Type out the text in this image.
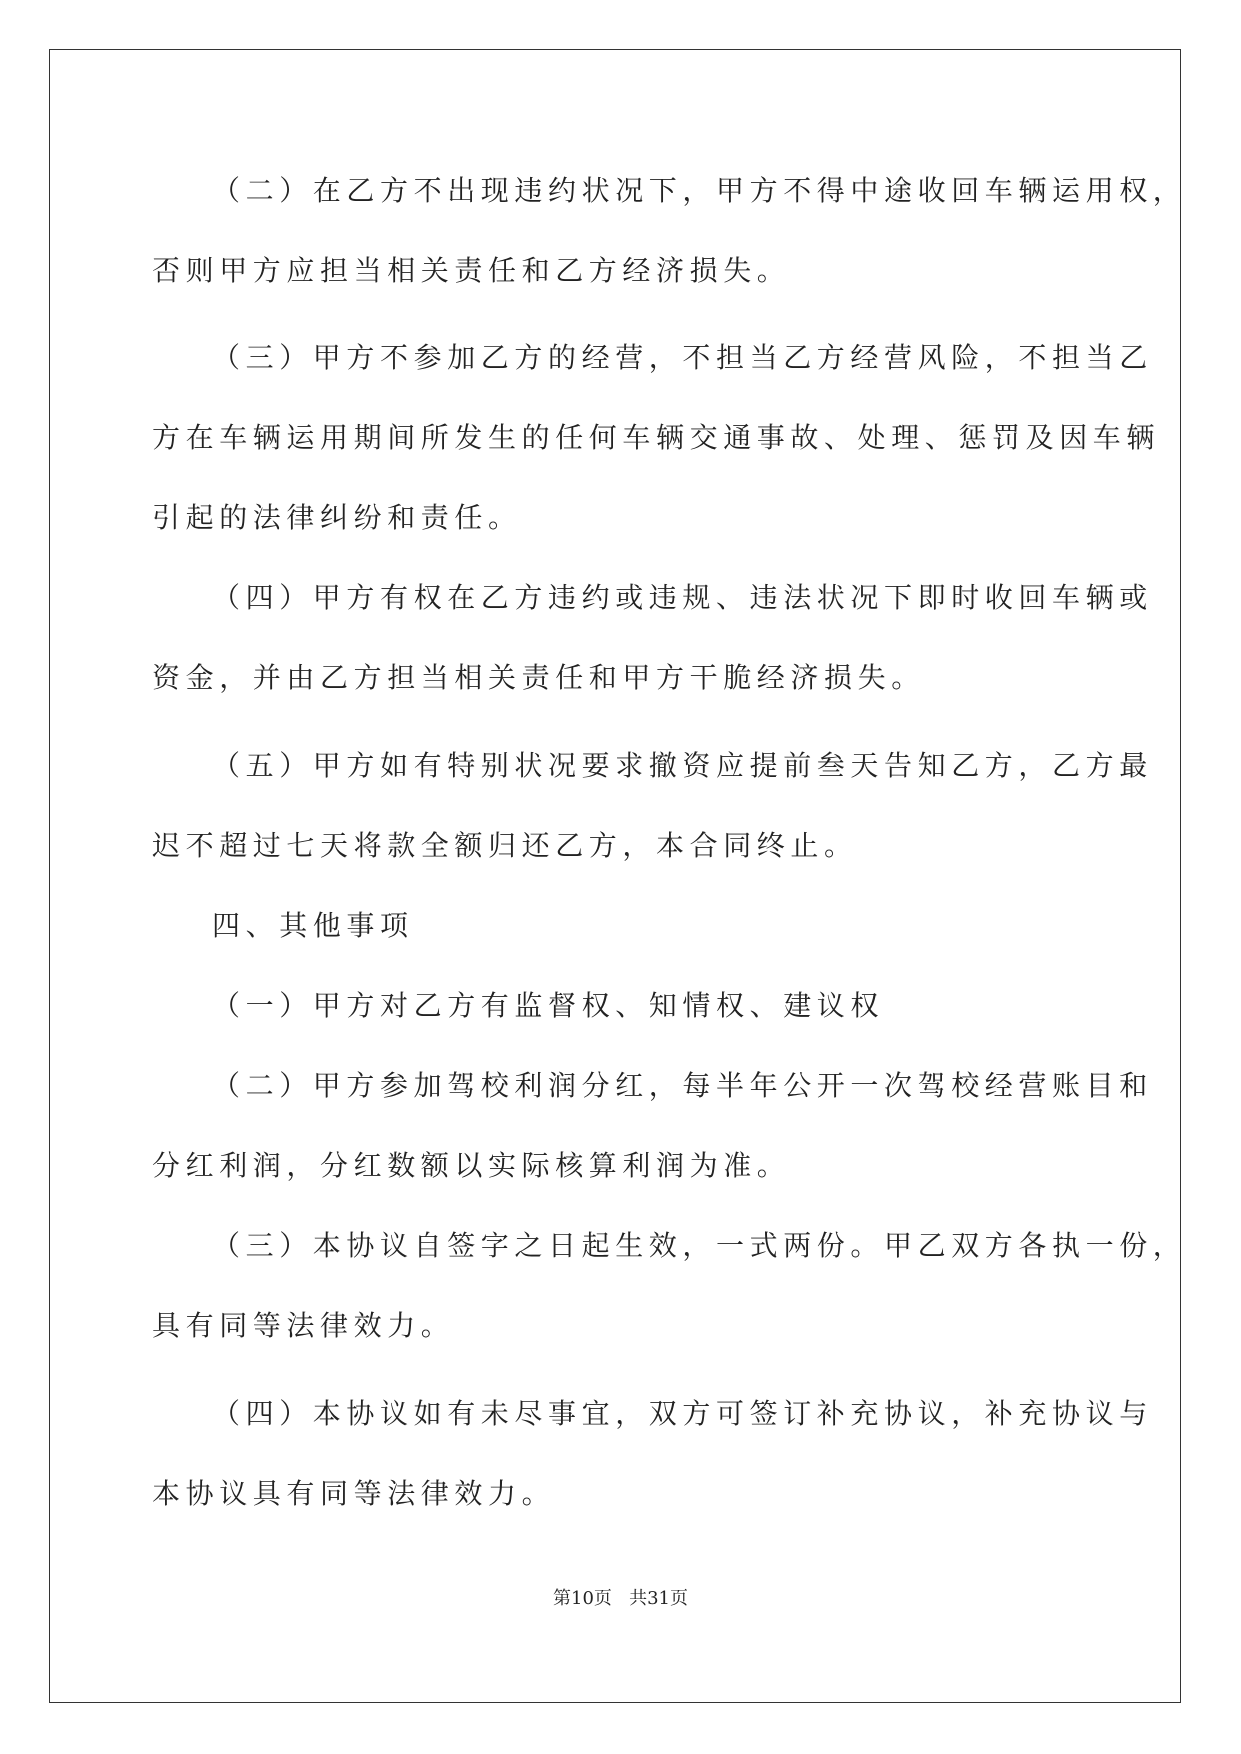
（二）在乙方不出现违约状况下，甲方不得中途收回车辆运用权，

否则甲方应担当相关责任和乙方经济损失。

（三）甲方不参加乙方的经营，不担当乙方经营风险，不担当乙

方在车辆运用期间所发生的任何车辆交通事故、处理、惩罚及因车辆

引起的法律纠纷和责任。

（四）甲方有权在乙方违约或违规、违法状况下即时收回车辆或

资金，并由乙方担当相关责任和甲方干脆经济损失。

（五）甲方如有特别状况要求撤资应提前叁天告知乙方，乙方最

迟不超过七天将款全额归还乙方，本合同终止。

四、其他事项

（一）甲方对乙方有监督权、知情权、建议权

（二）甲方参加驾校利润分红，每半年公开一次驾校经营账目和

分红利润，分红数额以实际核算利润为准。

（三）本协议自签字之日起生效，一式两份。甲乙双方各执一份，

具有同等法律效力。

（四）本协议如有未尽事宜，双方可签订补充协议，补充协议与

本协议具有同等法律效力。

第10页   共31页
